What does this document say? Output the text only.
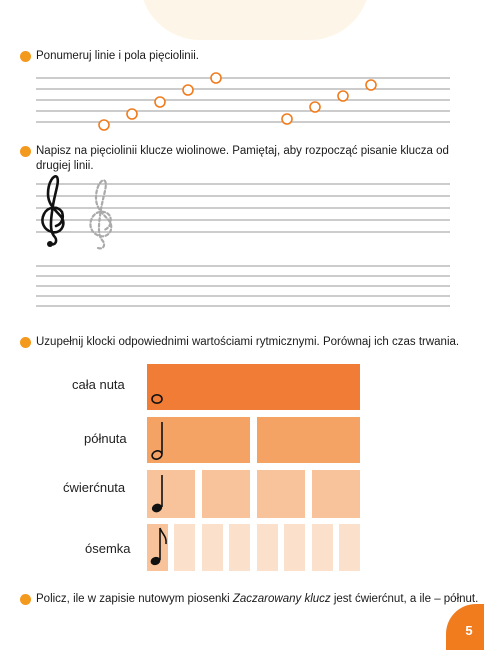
Ponumeruj linie i pola pięciolinii.
Napisz na pięciolinii klucze wiolinowe. Pamiętaj, aby rozpocząć pisanie klucza od
drugiej linii.
Uzupełnij klocki odpowiednimi wartościami rytmicznymi. Porównaj ich czas trwania.
cała nuta
półnuta
ćwierćnuta
ósemka
Policz, ile w zapisie nutowym piosenki Zaczarowany klucz jest ćwierćnut, a ile – półnut.
5
